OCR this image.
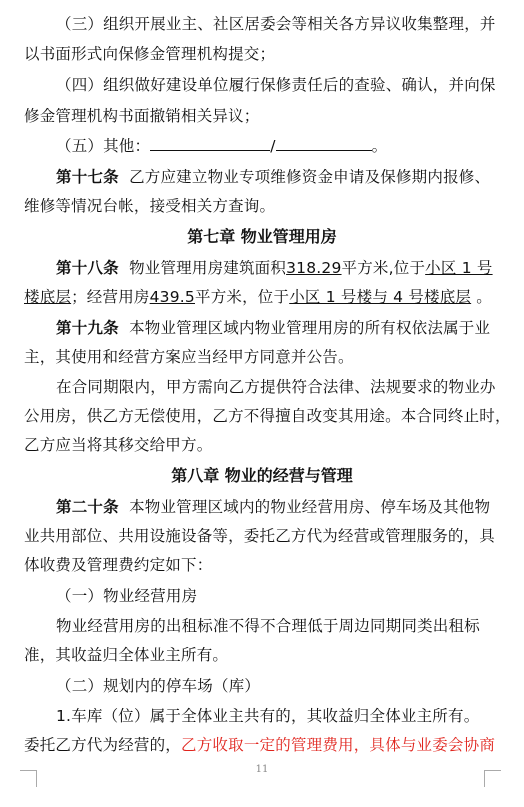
（三）组织开展业主、社区居委会等相关各方异议收集整理，并
以书面形式向保修金管理机构提交；
（四）组织做好建设单位履行保修责任后的查验、确认，并向保
修金管理机构书面撤销相关异议；
（五）其他：	/	。
第十七条 乙方应建立物业专项维修资金申请及保修期内报修、
维修等情况台帐，接受相关方查询。
第七章 物业管理用房
第十八条 物业管理用房建筑面积318.29平方米,位于小区 1 号
楼底层；经营用房439.5平方米，位于小区 1 号楼与 4 号楼底层 。
第十九条 本物业管理区域内物业管理用房的所有权依法属于业
主，其使用和经营方案应当经甲方同意并公告。
在合同期限内，甲方需向乙方提供符合法律、法规要求的物业办
公用房，供乙方无偿使用，乙方不得擅自改变其用途。本合同终止时，
乙方应当将其移交给甲方。
第八章 物业的经营与管理
第二十条 本物业管理区域内的物业经营用房、停车场及其他物
业共用部位、共用设施设备等，委托乙方代为经营或管理服务的，具
体收费及管理费约定如下：
（一）物业经营用房
物业经营用房的出租标准不得不合理低于周边同期同类出租标
准，其收益归全体业主所有。
（二）规划内的停车场（库）
1.车库（位）属于全体业主共有的，其收益归全体业主所有。
委托乙方代为经营的，乙方收取一定的管理费用，具体与业委会协商
11
